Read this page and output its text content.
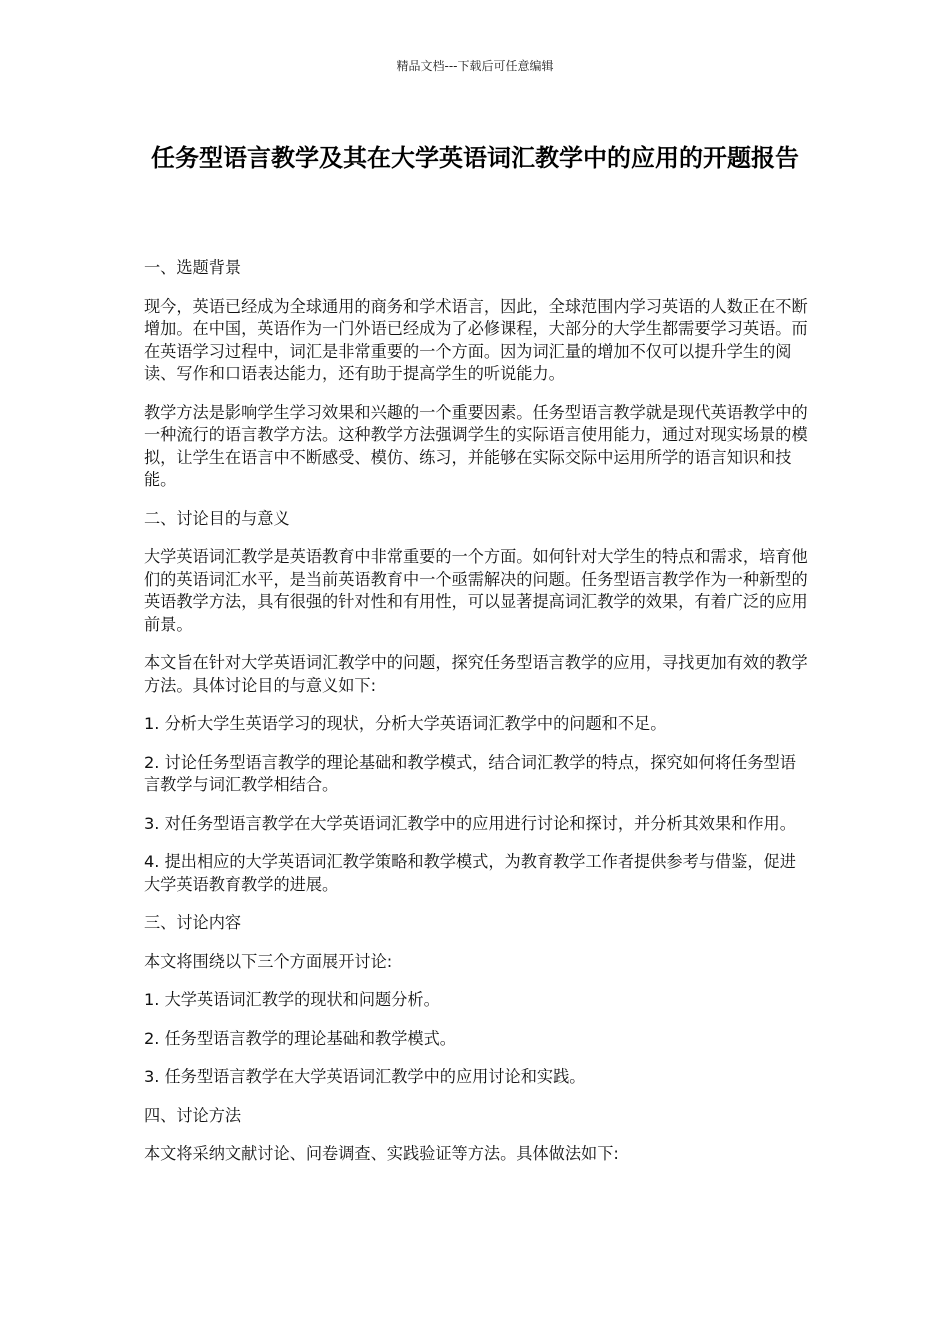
精品文档---下载后可任意编辑
任务型语言教学及其在大学英语词汇教学中的应用的开题报告

一、选题背景

现今，英语已经成为全球通用的商务和学术语言，因此，全球范围内学习英语的人数正在不断增加。在中国，英语作为一门外语已经成为了必修课程，大部分的大学生都需要学习英语。而在英语学习过程中，词汇是非常重要的一个方面。因为词汇量的增加不仅可以提升学生的阅读、写作和口语表达能力，还有助于提高学生的听说能力。

教学方法是影响学生学习效果和兴趣的一个重要因素。任务型语言教学就是现代英语教学中的一种流行的语言教学方法。这种教学方法强调学生的实际语言使用能力，通过对现实场景的模拟，让学生在语言中不断感受、模仿、练习，并能够在实际交际中运用所学的语言知识和技能。

二、讨论目的与意义

大学英语词汇教学是英语教育中非常重要的一个方面。如何针对大学生的特点和需求，培育他们的英语词汇水平，是当前英语教育中一个亟需解决的问题。任务型语言教学作为一种新型的英语教学方法，具有很强的针对性和有用性，可以显著提高词汇教学的效果，有着广泛的应用前景。

本文旨在针对大学英语词汇教学中的问题，探究任务型语言教学的应用，寻找更加有效的教学方法。具体讨论目的与意义如下:

1. 分析大学生英语学习的现状，分析大学英语词汇教学中的问题和不足。

2. 讨论任务型语言教学的理论基础和教学模式，结合词汇教学的特点，探究如何将任务型语言教学与词汇教学相结合。

3. 对任务型语言教学在大学英语词汇教学中的应用进行讨论和探讨，并分析其效果和作用。

4. 提出相应的大学英语词汇教学策略和教学模式，为教育教学工作者提供参考与借鉴，促进大学英语教育教学的进展。

三、讨论内容

本文将围绕以下三个方面展开讨论:

1. 大学英语词汇教学的现状和问题分析。

2. 任务型语言教学的理论基础和教学模式。

3. 任务型语言教学在大学英语词汇教学中的应用讨论和实践。

四、讨论方法

本文将采纳文献讨论、问卷调查、实践验证等方法。具体做法如下:
